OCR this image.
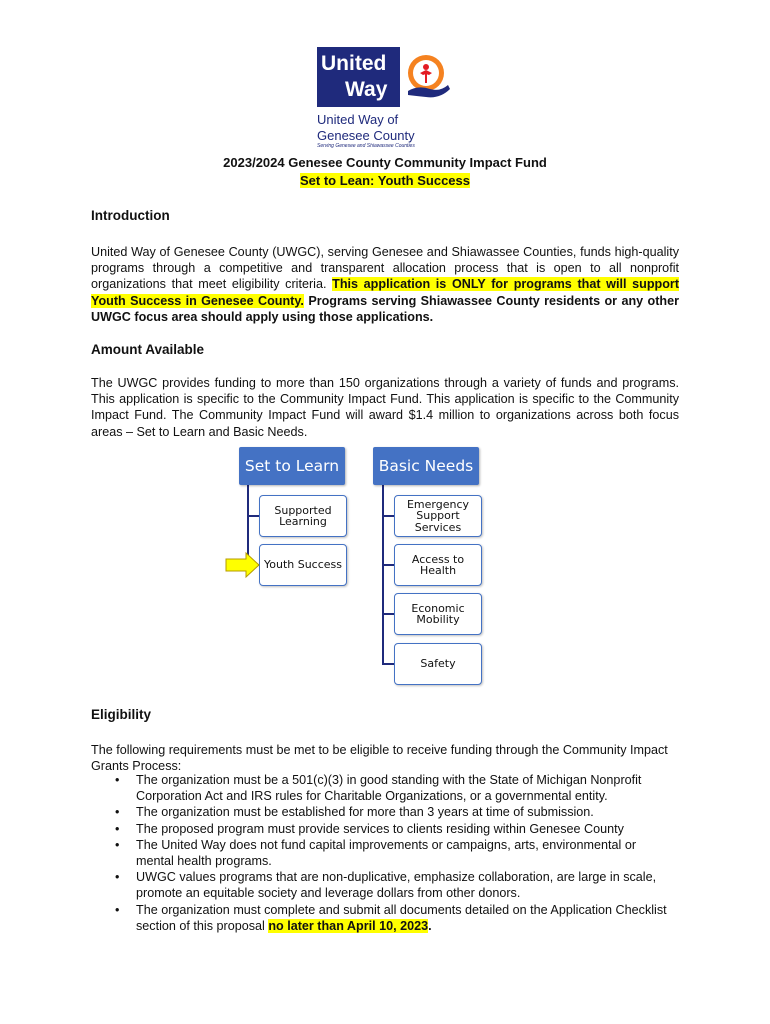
United
Way
United Way of
Genesee County
Serving Genesee and Shiawassee Counties
2023/2024 Genesee County Community Impact Fund
Set to Lean: Youth Success
Introduction
United Way of Genesee County (UWGC), serving Genesee and Shiawassee Counties, funds high-quality programs through a competitive and transparent allocation process that is open to all nonprofit organizations that meet eligibility criteria. This application is ONLY for programs that will support Youth Success in Genesee County. Programs serving Shiawassee County residents or any other UWGC focus area should apply using those applications.
Amount Available
The UWGC provides funding to more than 150 organizations through a variety of funds and programs. This application is specific to the Community Impact Fund. This application is specific to the Community Impact Fund. The Community Impact Fund will award $1.4 million to organizations across both focus areas – Set to Learn and Basic Needs.
Set to Learn	Basic Needs
Supported Learning
Youth Success
Emergency Support Services
Access to Health
Economic Mobility
Safety
Eligibility
The following requirements must be met to be eligible to receive funding through the Community Impact Grants Process:
• The organization must be a 501(c)(3) in good standing with the State of Michigan Nonprofit Corporation Act and IRS rules for Charitable Organizations, or a governmental entity.
• The organization must be established for more than 3 years at time of submission.
• The proposed program must provide services to clients residing within Genesee County
• The United Way does not fund capital improvements or campaigns, arts, environmental or mental health programs.
• UWGC values programs that are non-duplicative, emphasize collaboration, are large in scale, promote an equitable society and leverage dollars from other donors.
• The organization must complete and submit all documents detailed on the Application Checklist section of this proposal no later than April 10, 2023.
